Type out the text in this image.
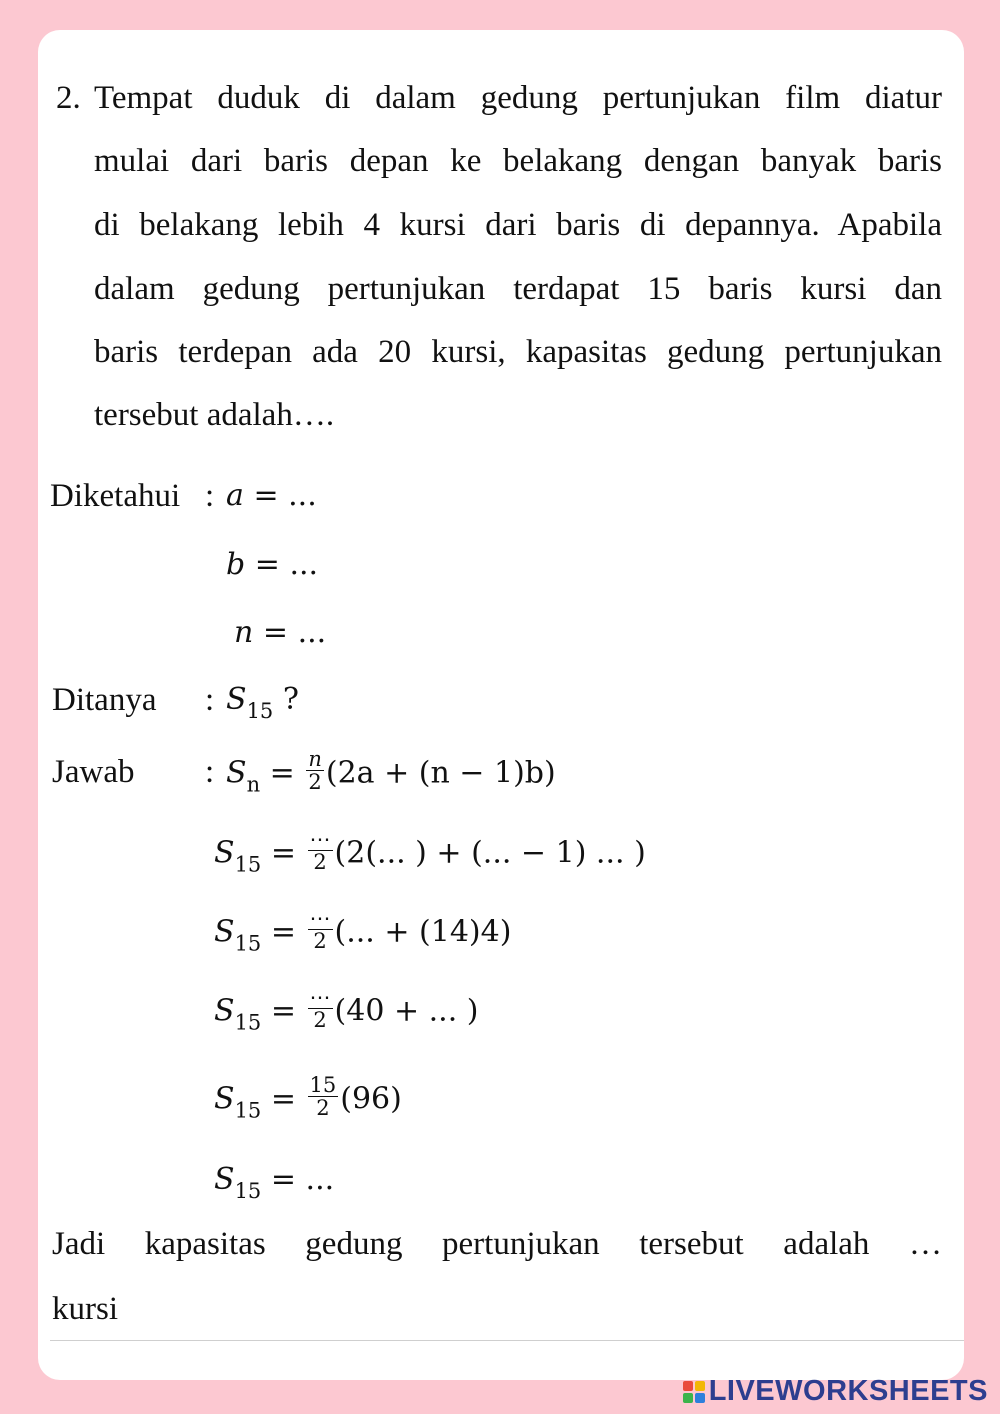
2. Tempat duduk di dalam gedung pertunjukan film diatur
mulai dari baris depan ke belakang dengan banyak baris
di belakang lebih 4 kursi dari baris di depannya. Apabila
dalam gedung pertunjukan terdapat 15 baris kursi dan
baris terdepan ada 20 kursi, kapasitas gedung pertunjukan
tersebut adalah….
Diketahui : a = ...
b = ...
n = ...
Ditanya : $S_{15}$ ?
Jawab : $S_n = \frac{n}{2} (2a + (n - 1)b)$
$S_{15} = \frac{\cdots}{2} (2$(... ) + (... − 1) ... )
$S_{15} = \frac{\cdots}{2}$ (... + (14)4)
$S_{15} = \frac{\cdots}{2} (40$ + ... )
$S_{15} = \frac{15}{2} (96)$
$S_{15}$ = ...
Jadi kapasitas gedung pertunjukan tersebut adalah …
kursi
LIVEWORKSHEETS
